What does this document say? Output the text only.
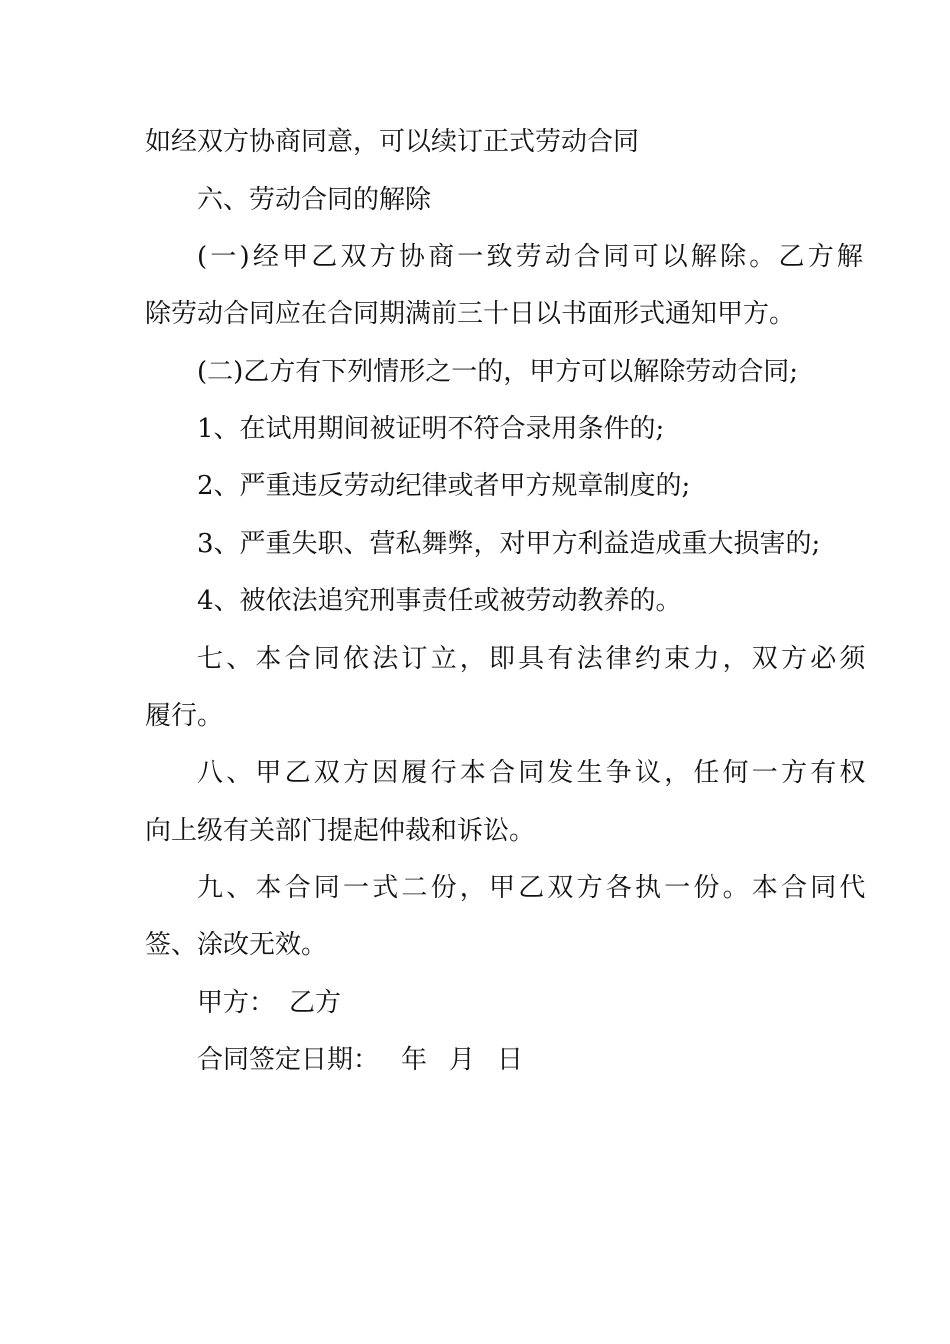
如经双方协商同意，可以续订正式劳动合同
六、劳动合同的解除
(一)经甲乙双方协商一致劳动合同可以解除。乙方解
除劳动合同应在合同期满前三十日以书面形式通知甲方。
(二)乙方有下列情形之一的，甲方可以解除劳动合同;
1、在试用期间被证明不符合录用条件的;
2、严重违反劳动纪律或者甲方规章制度的;
3、严重失职、营私舞弊，对甲方利益造成重大损害的;
4、被依法追究刑事责任或被劳动教养的。
七、本合同依法订立，即具有法律约束力，双方必须
履行。
八、甲乙双方因履行本合同发生争议，任何一方有权
向上级有关部门提起仲裁和诉讼。
九、本合同一式二份，甲乙双方各执一份。本合同代
签、涂改无效。
甲方： 乙方
合同签定日期： 年 月 日
